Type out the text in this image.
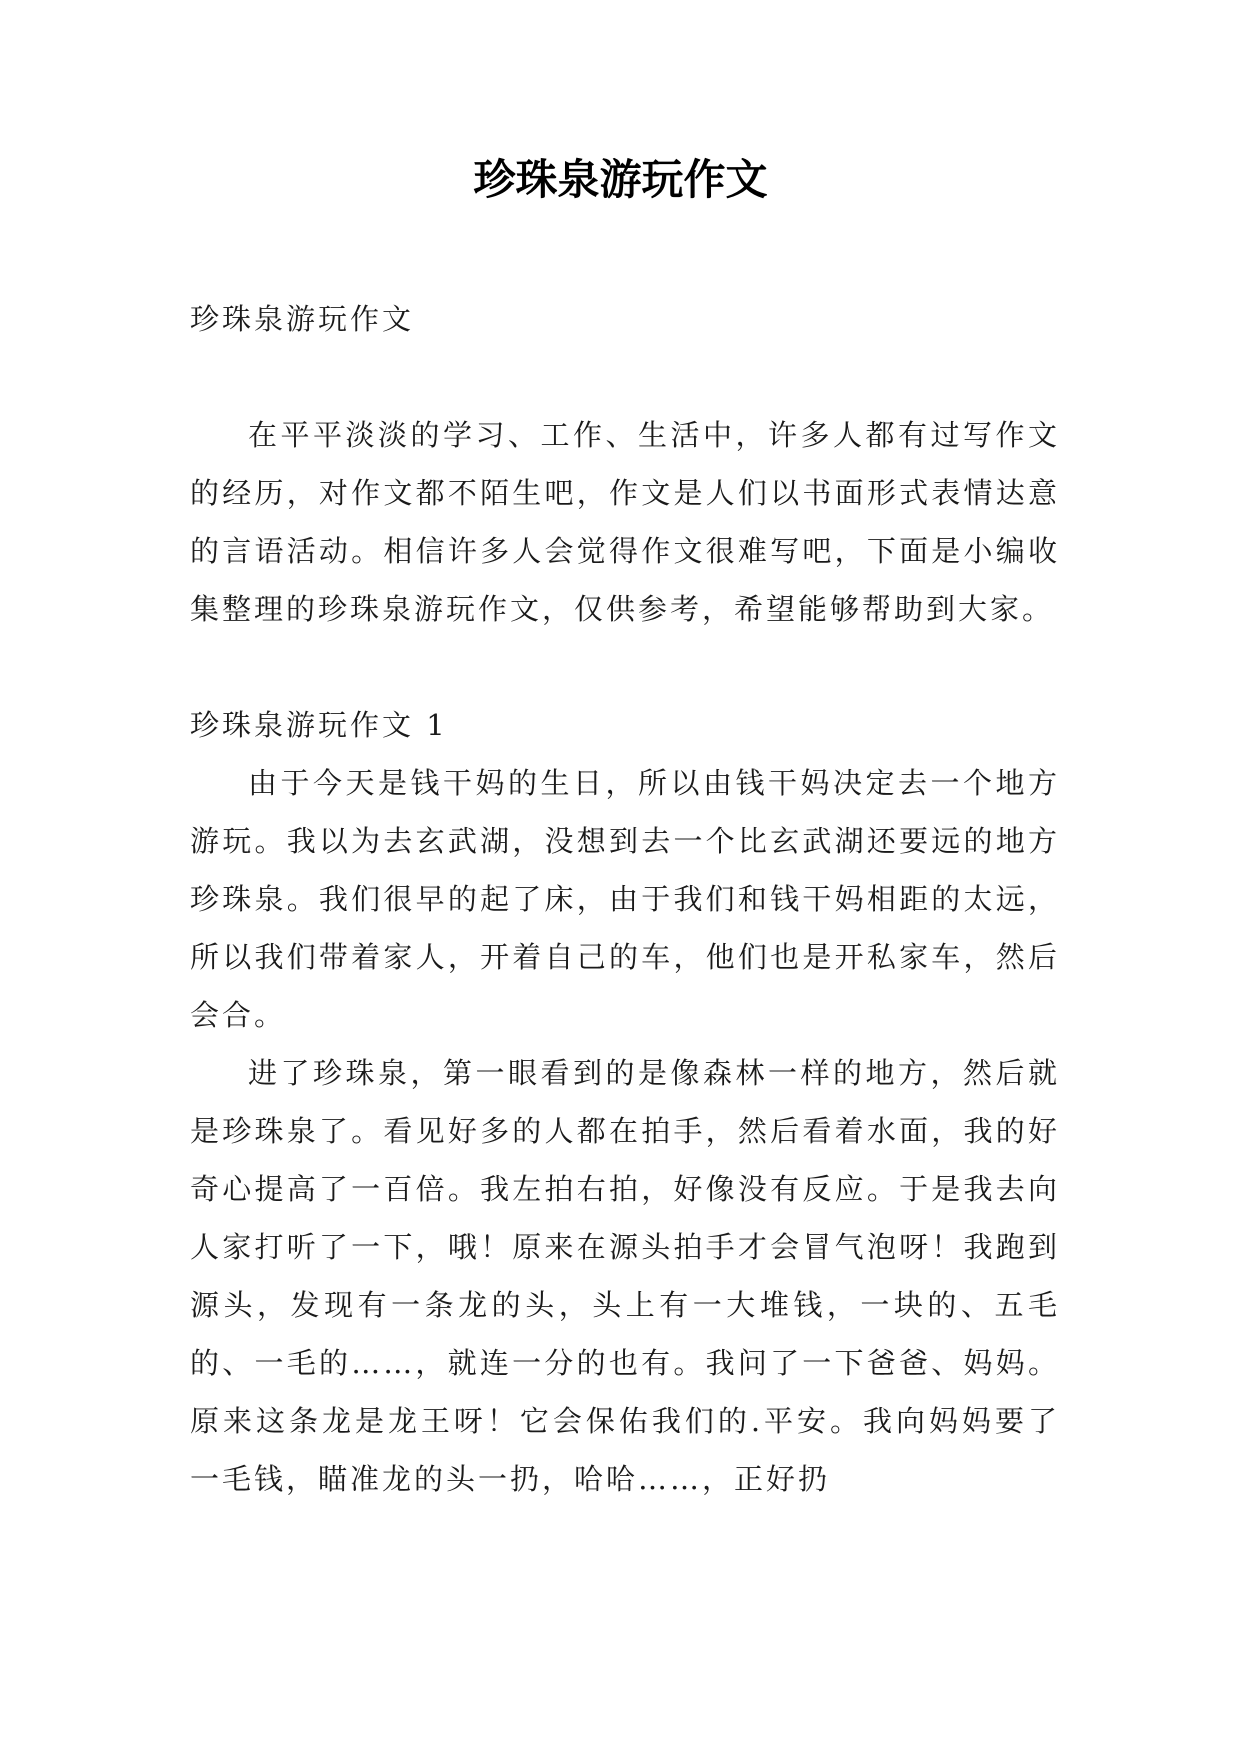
珍珠泉游玩作文

珍珠泉游玩作文

在平平淡淡的学习、工作、生活中，许多人都有过写作文的经历，对作文都不陌生吧，作文是人们以书面形式表情达意的言语活动。相信许多人会觉得作文很难写吧，下面是小编收集整理的珍珠泉游玩作文，仅供参考，希望能够帮助到大家。

珍珠泉游玩作文 1

由于今天是钱干妈的生日，所以由钱干妈决定去一个地方游玩。我以为去玄武湖，没想到去一个比玄武湖还要远的地方珍珠泉。我们很早的起了床，由于我们和钱干妈相距的太远，所以我们带着家人，开着自己的车，他们也是开私家车，然后会合。

进了珍珠泉，第一眼看到的是像森林一样的地方，然后就是珍珠泉了。看见好多的人都在拍手，然后看着水面，我的好奇心提高了一百倍。我左拍右拍，好像没有反应。于是我去向人家打听了一下，哦！原来在源头拍手才会冒气泡呀！我跑到源头，发现有一条龙的头，头上有一大堆钱，一块的、五毛的、一毛的……，就连一分的也有。我问了一下爸爸、妈妈。原来这条龙是龙王呀！它会保佑我们的.平安。我向妈妈要了一毛钱，瞄准龙的头一扔，哈哈……，正好扔
